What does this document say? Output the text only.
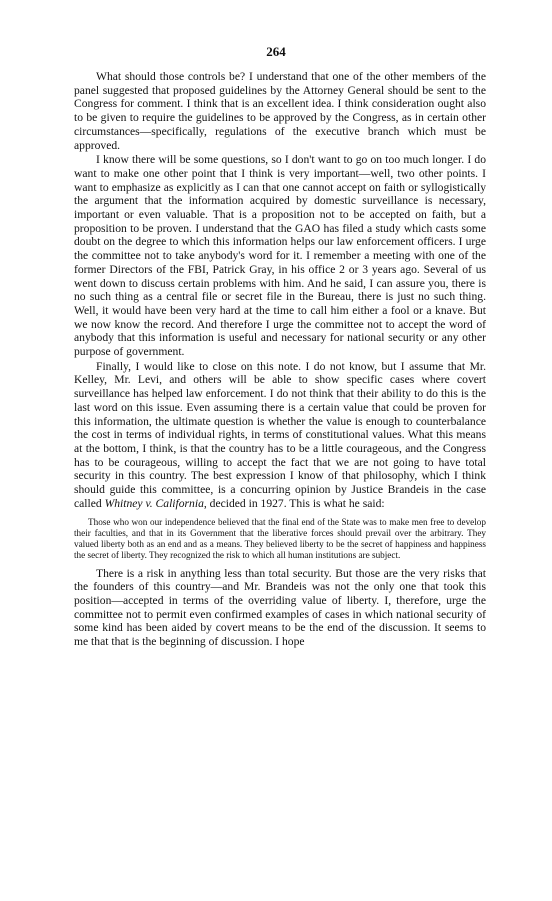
264

What should those controls be? I understand that one of the other members of the panel suggested that proposed guidelines by the Attorney General should be sent to the Congress for comment. I think that is an excellent idea. I think consideration ought also to be given to require the guidelines to be approved by the Congress, as in certain other circumstances—specifically, regulations of the executive branch which must be approved.

I know there will be some questions, so I don't want to go on too much longer. I do want to make one other point that I think is very important—well, two other points. I want to emphasize as explicitly as I can that one cannot accept on faith or syllogistically the argument that the information acquired by domestic surveillance is necessary, important or even valuable. That is a proposition not to be accepted on faith, but a proposition to be proven. I understand that the GAO has filed a study which casts some doubt on the degree to which this information helps our law enforcement officers. I urge the committee not to take anybody's word for it. I remember a meeting with one of the former Directors of the FBI, Patrick Gray, in his office 2 or 3 years ago. Several of us went down to discuss certain problems with him. And he said, I can assure you, there is no such thing as a central file or secret file in the Bureau, there is just no such thing. Well, it would have been very hard at the time to call him either a fool or a knave. But we now know the record. And therefore I urge the committee not to accept the word of anybody that this information is useful and necessary for national security or any other purpose of government.

Finally, I would like to close on this note. I do not know, but I assume that Mr. Kelley, Mr. Levi, and others will be able to show specific cases where covert surveillance has helped law enforcement. I do not think that their ability to do this is the last word on this issue. Even assuming there is a certain value that could be proven for this information, the ultimate question is whether the value is enough to counterbalance the cost in terms of individual rights, in terms of constitutional values. What this means at the bottom, I think, is that the country has to be a little courageous, and the Congress has to be courageous, willing to accept the fact that we are not going to have total security in this country. The best expression I know of that philosophy, which I think should guide this committee, is a concurring opinion by Justice Brandeis in the case called Whitney v. California, decided in 1927. This is what he said:

Those who won our independence believed that the final end of the State was to make men free to develop their faculties, and that in its Government that the liberative forces should prevail over the arbitrary. They valued liberty both as an end and as a means. They believed liberty to be the secret of happiness and happiness the secret of liberty. They recognized the risk to which all human institutions are subject.

There is a risk in anything less than total security. But those are the very risks that the founders of this country—and Mr. Brandeis was not the only one that took this position—accepted in terms of the overriding value of liberty. I, therefore, urge the committee not to permit even confirmed examples of cases in which national security of some kind has been aided by covert means to be the end of the discussion. It seems to me that that is the beginning of discussion. I hope
